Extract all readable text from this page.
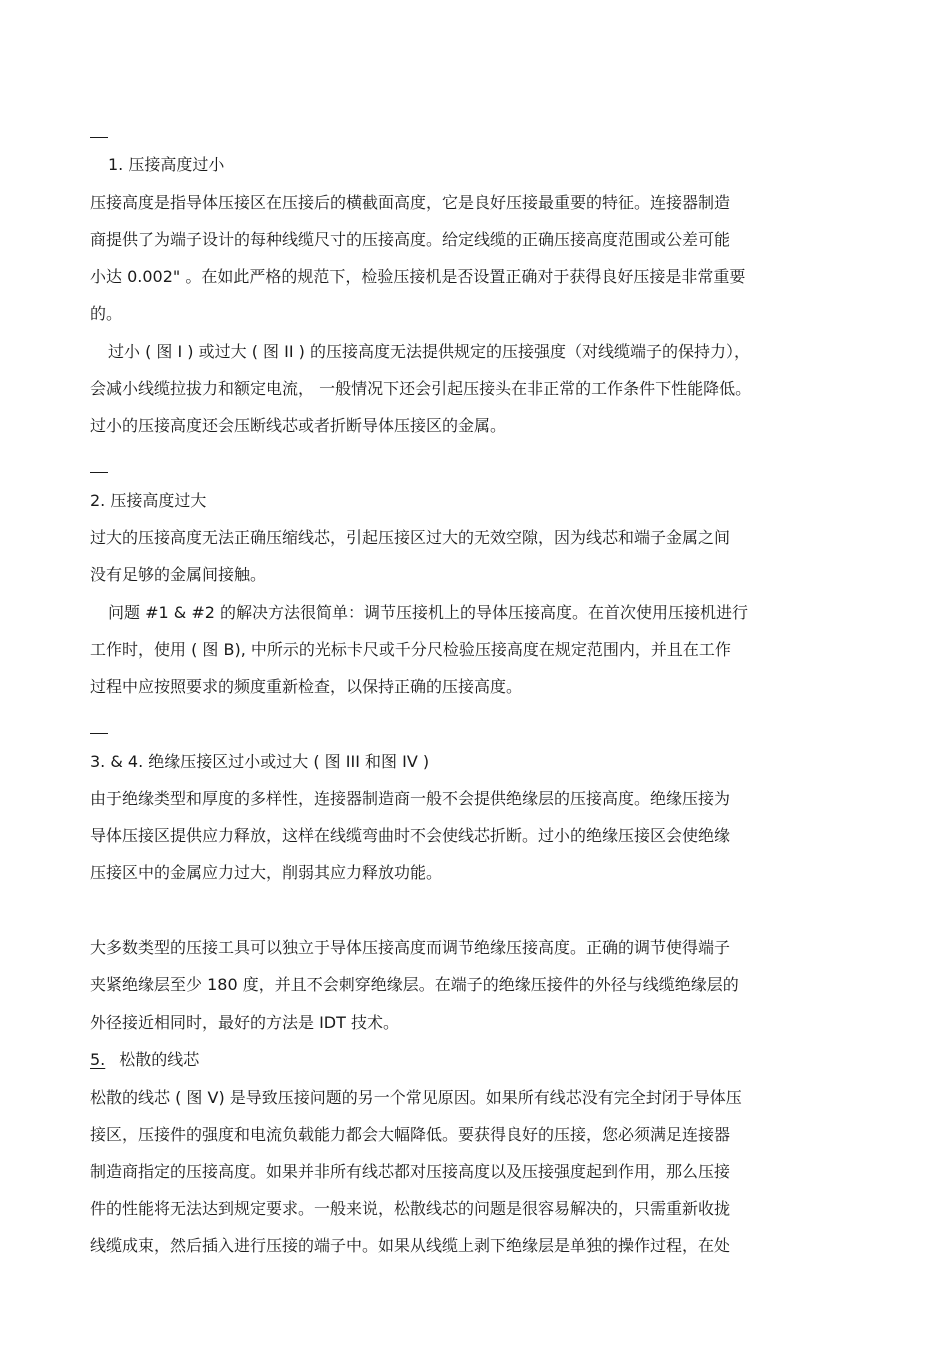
1. 压接高度过小
压接高度是指导体压接区在压接后的横截面高度，它是良好压接最重要的特征。连接器制造
商提供了为端子设计的每种线缆尺寸的压接高度。给定线缆的正确压接高度范围或公差可能
小达 0.002" 。在如此严格的规范下，检验压接机是否设置正确对于获得良好压接是非常重要
的。
过小 ( 图 I ) 或过大 ( 图 II ) 的压接高度无法提供规定的压接强度（对线缆端子的保持力），
会减小线缆拉拔力和额定电流， 一般情况下还会引起压接头在非正常的工作条件下性能降低。
过小的压接高度还会压断线芯或者折断导体压接区的金属。
2. 压接高度过大
过大的压接高度无法正确压缩线芯，引起压接区过大的无效空隙，因为线芯和端子金属之间
没有足够的金属间接触。
问题 #1 & #2 的解决方法很简单：调节压接机上的导体压接高度。在首次使用压接机进行
工作时，使用 ( 图 B), 中所示的光标卡尺或千分尺检验压接高度在规定范围内，并且在工作
过程中应按照要求的频度重新检查，以保持正确的压接高度。
3. & 4. 绝缘压接区过小或过大 ( 图 III 和图 IV )
由于绝缘类型和厚度的多样性，连接器制造商一般不会提供绝缘层的压接高度。绝缘压接为
导体压接区提供应力释放，这样在线缆弯曲时不会使线芯折断。过小的绝缘压接区会使绝缘
压接区中的金属应力过大，削弱其应力释放功能。
大多数类型的压接工具可以独立于导体压接高度而调节绝缘压接高度。正确的调节使得端子
夹紧绝缘层至少 180 度，并且不会刺穿绝缘层。在端子的绝缘压接件的外径与线缆绝缘层的
外径接近相同时，最好的方法是 IDT 技术。
5. 松散的线芯
松散的线芯 ( 图 V) 是导致压接问题的另一个常见原因。如果所有线芯没有完全封闭于导体压
接区，压接件的强度和电流负载能力都会大幅降低。要获得良好的压接，您必须满足连接器
制造商指定的压接高度。如果并非所有线芯都对压接高度以及压接强度起到作用，那么压接
件的性能将无法达到规定要求。一般来说，松散线芯的问题是很容易解决的，只需重新收拢
线缆成束，然后插入进行压接的端子中。如果从线缆上剥下绝缘层是单独的操作过程，在处
